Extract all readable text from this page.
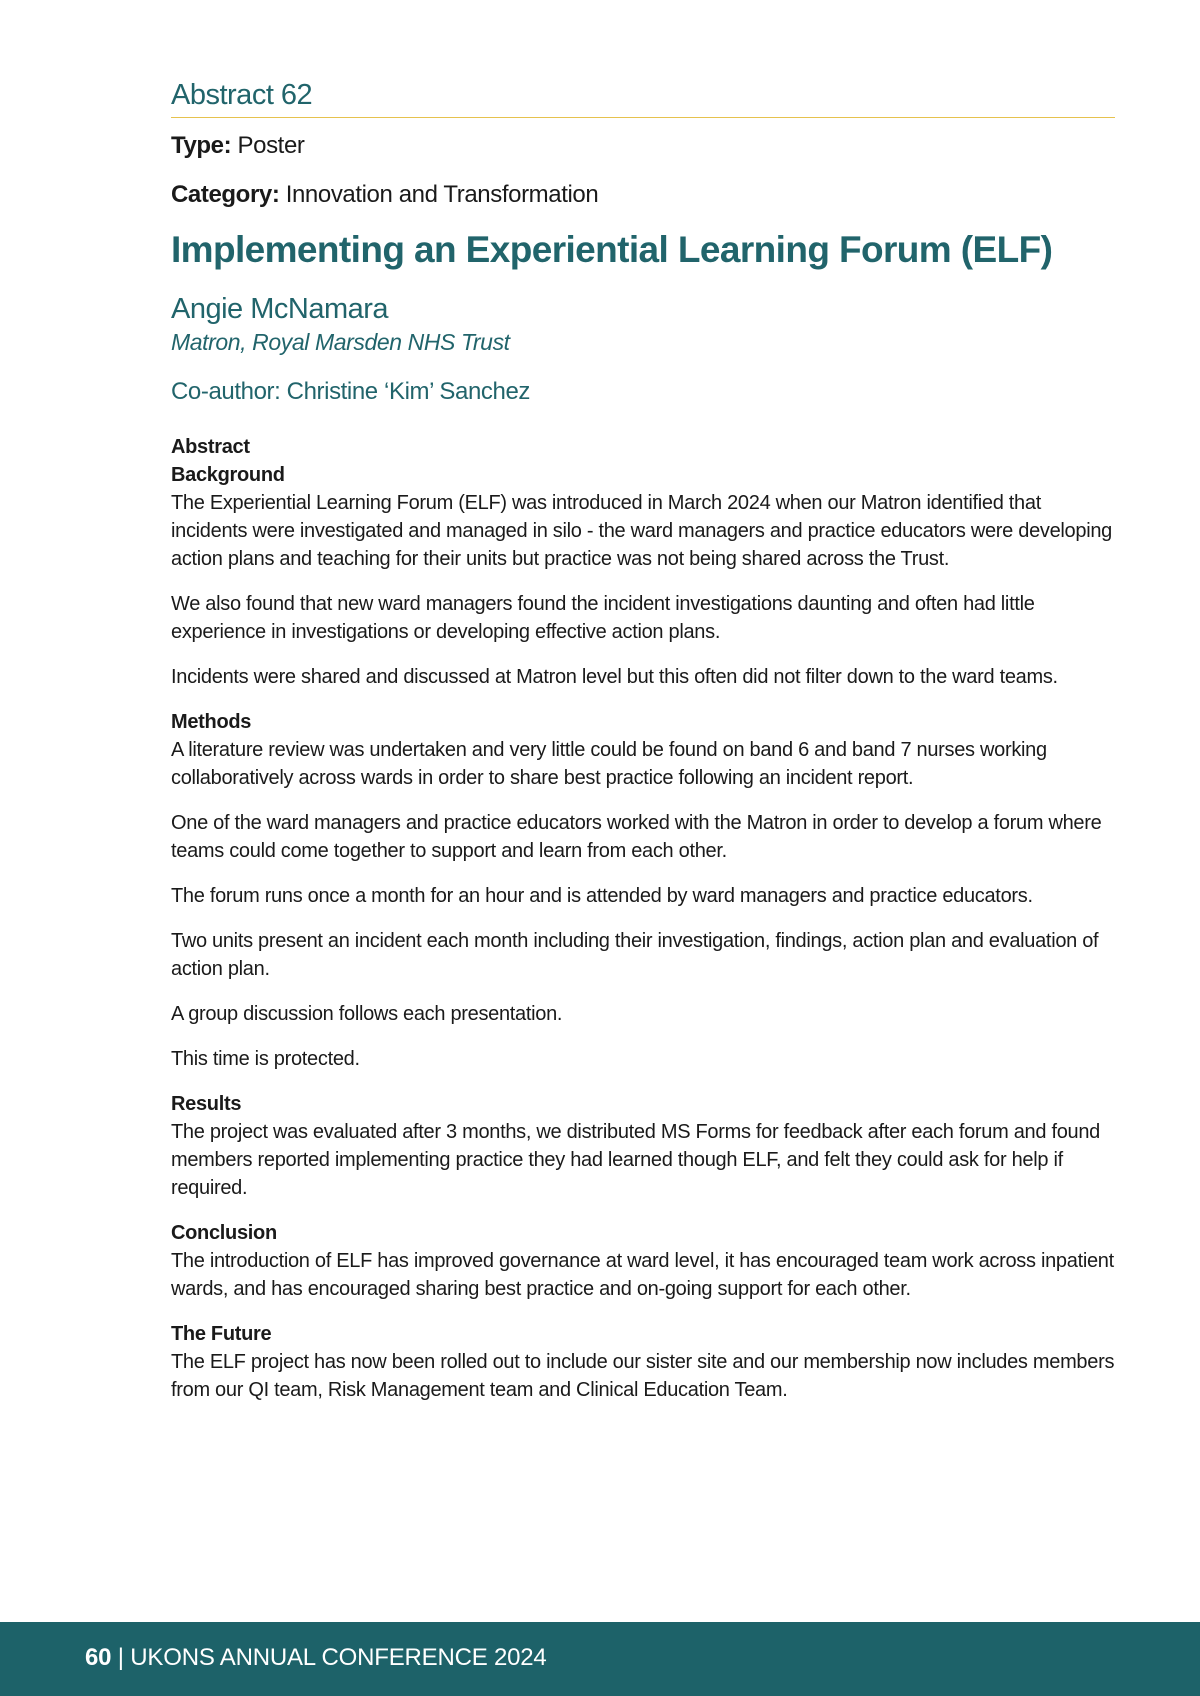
Abstract 62
Type: Poster
Category: Innovation and Transformation
Implementing an Experiential Learning Forum (ELF)
Angie McNamara
Matron, Royal Marsden NHS Trust
Co-author: Christine ‘Kim’ Sanchez
Abstract
Background

The Experiential Learning Forum (ELF) was introduced in March 2024 when our Matron identified that incidents were investigated and managed in silo - the ward managers and practice educators were developing action plans and teaching for their units but practice was not being shared across the Trust.

We also found that new ward managers found the incident investigations daunting and often had little experience in investigations or developing effective action plans.

Incidents were shared and discussed at Matron level but this often did not filter down to the ward teams.

Methods

A literature review was undertaken and very little could be found on band 6 and band 7 nurses working collaboratively across wards in order to share best practice following an incident report.

One of the ward managers and practice educators worked with the Matron in order to develop a forum where teams could come together to support and learn from each other.

The forum runs once a month for an hour and is attended by ward managers and practice educators.

Two units present an incident each month including their investigation, findings, action plan and evaluation of action plan.

A group discussion follows each presentation.

This time is protected.

Results

The project was evaluated after 3 months, we distributed MS Forms for feedback after each forum and found members reported implementing practice they had learned though ELF, and felt they could ask for help if required.

Conclusion

The introduction of ELF has improved governance at ward level, it has encouraged team work across inpatient wards, and has encouraged sharing best practice and on-going support for each other.

The Future

The ELF project has now been rolled out to include our sister site and our membership now includes members from our QI team, Risk Management team and Clinical Education Team.

60 | UKONS ANNUAL CONFERENCE 2024
